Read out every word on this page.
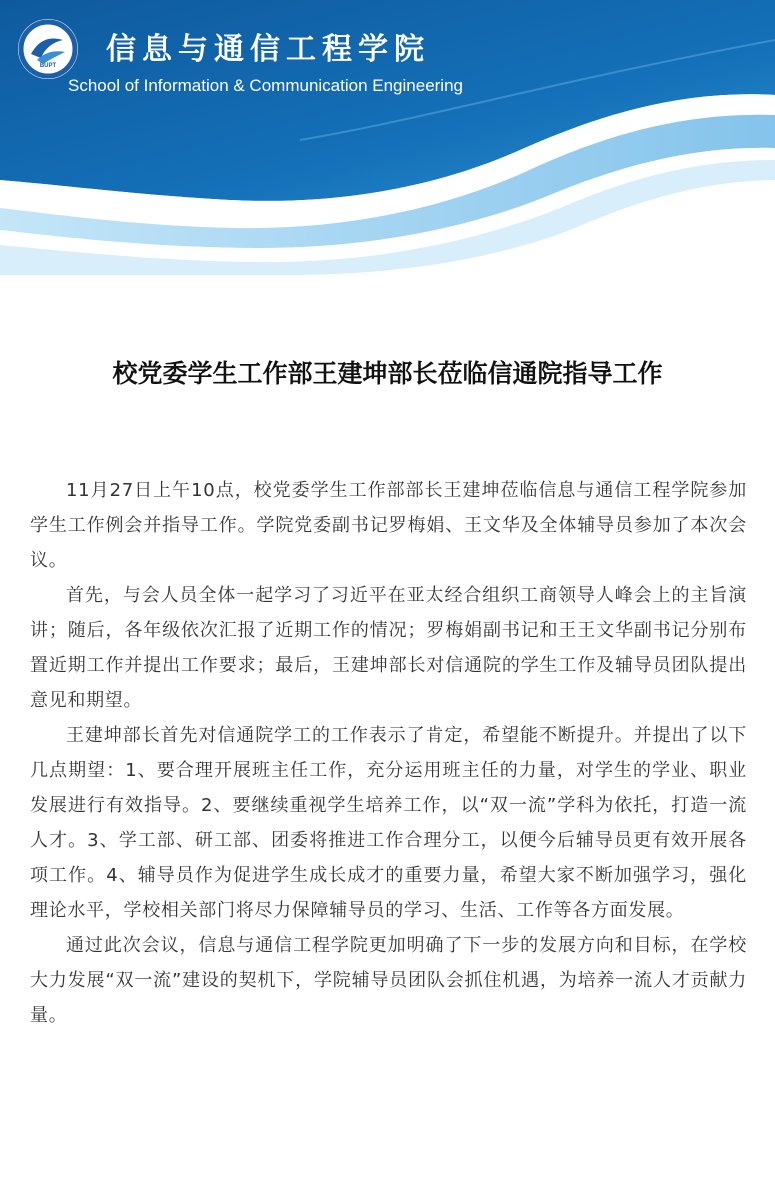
BUPT 信息与通信工程学院
School of Information & Communication Engineering
校党委学生工作部王建坤部长莅临信通院指导工作

11月27日上午10点，校党委学生工作部部长王建坤莅临信息与通信工程学院参加学生工作例会并指导工作。学院党委副书记罗梅娟、王文华及全体辅导员参加了本次会议。

首先，与会人员全体一起学习了习近平在亚太经合组织工商领导人峰会上的主旨演讲；随后，各年级依次汇报了近期工作的情况；罗梅娟副书记和王王文华副书记分别布置近期工作并提出工作要求；最后，王建坤部长对信通院的学生工作及辅导员团队提出意见和期望。

王建坤部长首先对信通院学工的工作表示了肯定，希望能不断提升。并提出了以下几点期望：1、要合理开展班主任工作，充分运用班主任的力量，对学生的学业、职业发展进行有效指导。2、要继续重视学生培养工作，以“双一流”学科为依托，打造一流人才。3、学工部、研工部、团委将推进工作合理分工，以便今后辅导员更有效开展各项工作。4、辅导员作为促进学生成长成才的重要力量，希望大家不断加强学习，强化理论水平，学校相关部门将尽力保障辅导员的学习、生活、工作等各方面发展。

通过此次会议，信息与通信工程学院更加明确了下一步的发展方向和目标，在学校大力发展“双一流”建设的契机下，学院辅导员团队会抓住机遇，为培养一流人才贡献力量。
